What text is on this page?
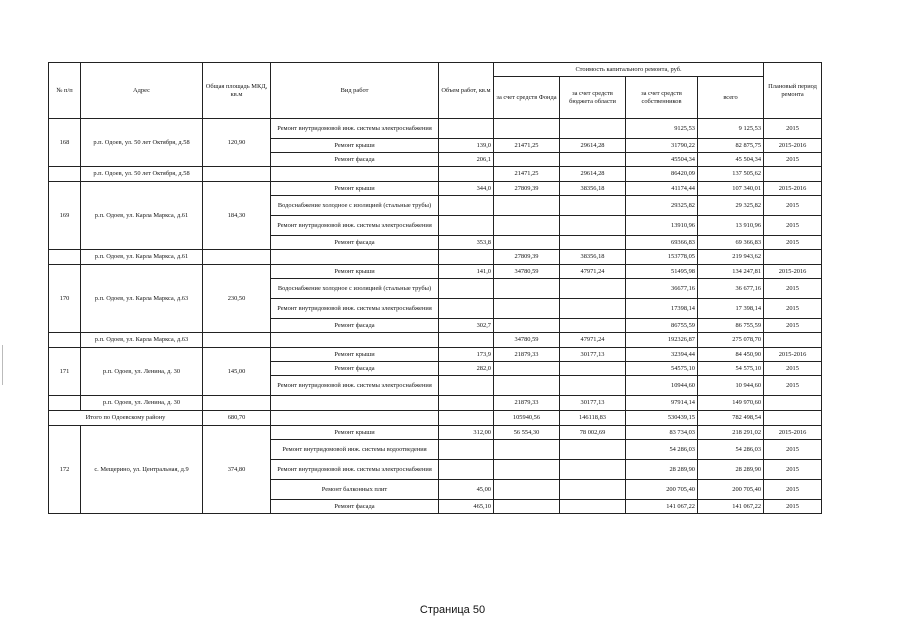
№ п/п	Адрес	Общая площадь МКД, кв.м	Вид работ	Объем работ, кв.м	Стоимость капитального ремонта, руб.				Плановый период ремонта
					за счет средств Фонда	за счет средств бюджета области	за счет средств собственников	всего	
168	р.п. Одоев, ул. 50 лет Октября, д.58	120,90	Ремонт внутридомовой инж. системы электроснабжения				9125,53	9 125,53	2015
			Ремонт крыши	139,0	21471,25	29614,28	31790,22	82 875,75	2015-2016
			Ремонт фасада	206,1			45504,34	45 504,34	2015
	р.п. Одоев, ул. 50 лет Октября, д.58				21471,25	29614,28	86420,09	137 505,62	
169	р.п. Одоев, ул. Карла Маркса, д.61	184,30	Ремонт крыши	344,0	27809,39	38356,18	41174,44	107 340,01	2015-2016
			Водоснабжение холодное с изоляцией (стальные трубы)				29325,82	29 325,82	2015
			Ремонт внутридомовой инж. системы электроснабжения				13910,96	13 910,96	2015
			Ремонт фасада	353,8			69366,83	69 366,83	2015
	р.п. Одоев, ул. Карла Маркса, д.61				27809,39	38356,18	153778,05	219 943,62	
170	р.п. Одоев, ул. Карла Маркса, д.63	230,50	Ремонт крыши	141,0	34780,59	47971,24	51495,98	134 247,81	2015-2016
			Водоснабжение холодное с изоляцией (стальные трубы)				36677,16	36 677,16	2015
			Ремонт внутридомовой инж. системы электроснабжения				17398,14	17 398,14	2015
			Ремонт фасада	302,7			86755,59	86 755,59	2015
	р.п. Одоев, ул. Карла Маркса, д.63				34780,59	47971,24	192326,87	275 078,70	
171	р.п. Одоев, ул. Ленина, д. 30	145,00	Ремонт крыши	173,9	21879,33	30177,13	32394,44	84 450,90	2015-2016
			Ремонт фасада	282,0			54575,10	54 575,10	2015
			Ремонт внутридомовой инж. системы электроснабжения				10944,60	10 944,60	2015
	р.п. Одоев, ул. Ленина, д. 30				21879,33	30177,13	97914,14	149 970,60	
Итого по Одоевскому району		680,70			105940,56	146118,83	530439,15	782 498,54	
172	с. Мещерино, ул. Центральная, д.9	374,80	Ремонт крыши	312,00	56 554,30	78 002,69	83 734,03	218 291,02	2015-2016
			Ремонт внутридомовой инж. системы водоотведения				54 286,03	54 286,03	2015
			Ремонт внутридомовой инж. системы электроснабжения				28 289,90	28 289,90	2015
			Ремонт балконных плит	45,00			200 705,40	200 705,40	2015
			Ремонт фасада	465,10			141 067,22	141 067,22	2015
Страница 50
